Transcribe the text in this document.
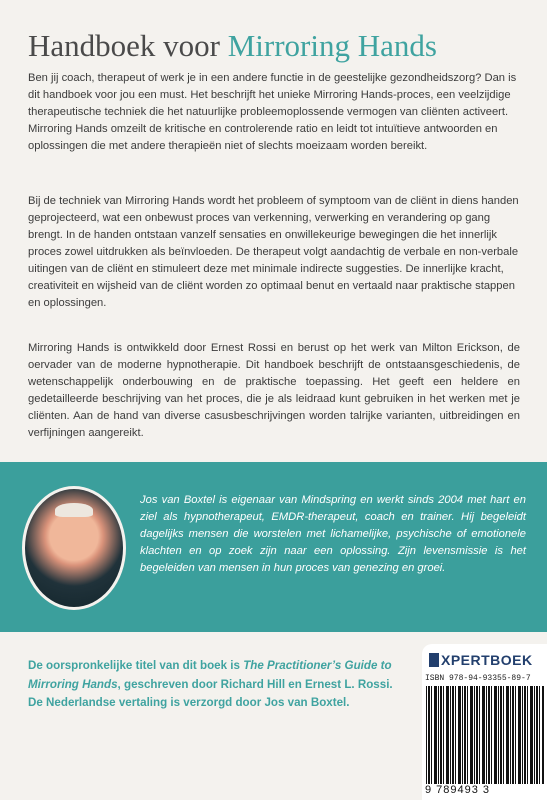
Handboek voor Mirroring Hands

Ben jij coach, therapeut of werk je in een andere functie in de geestelijke gezondheidszorg? Dan is dit handboek voor jou een must. Het beschrijft het unieke Mirroring Hands-proces, een veelzijdige therapeutische techniek die het natuurlijke probleemoplossende vermogen van cliënten activeert. Mirroring Hands omzeilt de kritische en controlerende ratio en leidt tot intuïtieve antwoorden en oplossingen die met andere therapieën niet of slechts moeizaam worden bereikt.

Bij de techniek van Mirroring Hands wordt het probleem of symptoom van de cliënt in diens handen geprojecteerd, wat een onbewust proces van verkenning, verwerking en verandering op gang brengt. In de handen ontstaan vanzelf sensaties en onwillekeurige bewegingen die het innerlijk proces zowel uitdrukken als beïnvloeden. De therapeut volgt aandachtig de verbale en non-verbale uitingen van de cliënt en stimuleert deze met minimale indirecte suggesties. De innerlijke kracht, creativiteit en wijsheid van de cliënt worden zo optimaal benut en vertaald naar praktische stappen en oplossingen.

Mirroring Hands is ontwikkeld door Ernest Rossi en berust op het werk van Milton Erickson, de oervader van de moderne hypnotherapie. Dit handboek beschrijft de ontstaansgeschiedenis, de wetenschappelijk onderbouwing en de praktische toepassing. Het geeft een heldere en gedetailleerde beschrijving van het proces, die je als leidraad kunt gebruiken in het werken met je cliënten. Aan de hand van diverse casusbeschrijvingen worden talrijke varianten, uitbreidingen en verfijningen aangereikt.

Jos van Boxtel is eigenaar van Mindspring en werkt sinds 2004 met hart en ziel als hypnotherapeut, EMDR-therapeut, coach en trainer. Hij begeleidt dagelijks mensen die worstelen met lichamelijke, psychische of emotionele klachten en op zoek zijn naar een oplossing. Zijn levensmissie is het begeleiden van mensen in hun proces van genezing en groei.

De oorspronkelijke titel van dit boek is The Practitioner’s Guide to Mirroring Hands, geschreven door Richard Hill en Ernest L. Rossi. De Nederlandse vertaling is verzorgd door Jos van Boxtel.

XPERTBOEK
ISBN 978-94-93355-89-7
9 789493 3
